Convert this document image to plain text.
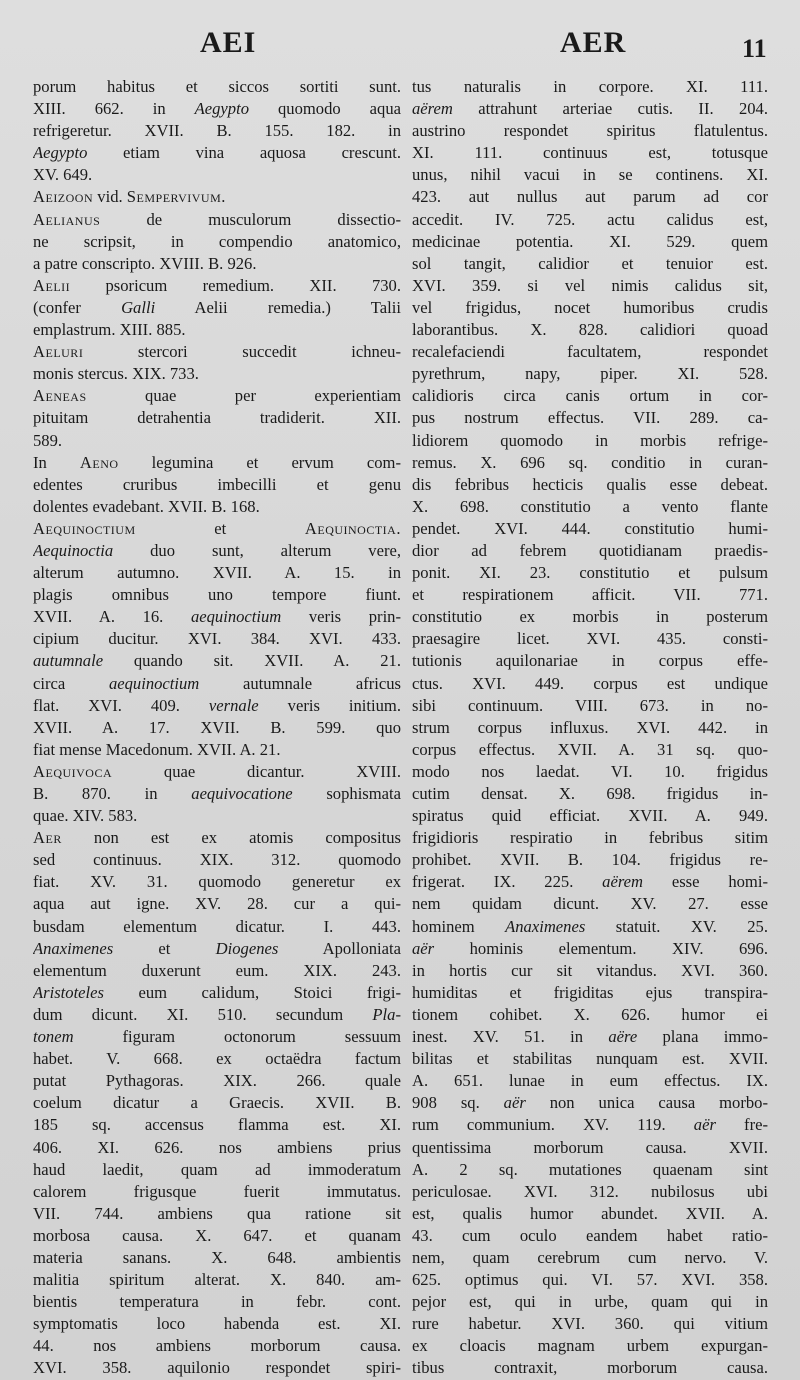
AEI	AER	11
porum habitus et siccos sortiti sunt.
XIII. 662. in Aegypto quomodo aqua
refrigeretur. XVII. B. 155. 182. in
Aegypto etiam vina aquosa crescunt.
XV. 649.
Aeizoon vid. Sempervivum.
Aelianus de musculorum dissectio-
ne scripsit, in compendio anatomico,
a patre conscripto. XVIII. B. 926.
Aelii psoricum remedium. XII. 730.
(confer Galli Aelii remedia.) Talii
emplastrum. XIII. 885.
Aeluri stercori succedit ichneu-
monis stercus. XIX. 733.
Aeneas quae per experientiam
pituitam detrahentia tradiderit. XII.
589.
In Aeno legumina et ervum com-
edentes cruribus imbecilli et genu
dolentes evadebant. XVII. B. 168.
Aequinoctium et Aequinoctia.
Aequinoctia duo sunt, alterum vere,
alterum autumno. XVII. A. 15. in
plagis omnibus uno tempore fiunt.
XVII. A. 16. aequinoctium veris prin-
cipium ducitur. XVI. 384. XVI. 433.
autumnale quando sit. XVII. A. 21.
circa aequinoctium autumnale africus
flat. XVI. 409. vernale veris initium.
XVII. A. 17. XVII. B. 599. quo
fiat mense Macedonum. XVII. A. 21.
Aequivoca quae dicantur. XVIII.
B. 870. in aequivocatione sophismata
quae. XIV. 583.
Aer non est ex atomis compositus
sed continuus. XIX. 312. quomodo
fiat. XV. 31. quomodo generetur ex
aqua aut igne. XV. 28. cur a qui-
busdam elementum dicatur. I. 443.
Anaximenes et Diogenes Apolloniata
elementum duxerunt eum. XIX. 243.
Aristoteles eum calidum, Stoici frigi-
dum dicunt. XI. 510. secundum Pla-
tonem figuram octonorum sessuum
habet. V. 668. ex octaëdra factum
putat Pythagoras. XIX. 266. quale
coelum dicatur a Graecis. XVII. B.
185 sq. accensus flamma est. XI.
406. XI. 626. nos ambiens prius
haud laedit, quam ad immoderatum
calorem frigusque fuerit immutatus.
VII. 744. ambiens qua ratione sit
morbosa causa. X. 647. et quanam
materia sanans. X. 648. ambientis
malitia spiritum alterat. X. 840. am-
bientis temperatura in febr. cont.
symptomatis loco habenda est. XI.
44. nos ambiens morborum causa.
XVI. 358. aquilonio respondet spiri-
tus naturalis in corpore. XI. 111.
aërem attrahunt arteriae cutis. II. 204.
austrino respondet spiritus flatulentus.
XI. 111. continuus est, totusque
unus, nihil vacui in se continens. XI.
423. aut nullus aut parum ad cor
accedit. IV. 725. actu calidus est,
medicinae potentia. XI. 529. quem
sol tangit, calidior et tenuior est.
XVI. 359. si vel nimis calidus sit,
vel frigidus, nocet humoribus crudis
laborantibus. X. 828. calidiori quoad
recalefaciendi facultatem, respondet
pyrethrum, napy, piper. XI. 528.
calidioris circa canis ortum in cor-
pus nostrum effectus. VII. 289. ca-
lidiorem quomodo in morbis refrige-
remus. X. 696 sq. conditio in curan-
dis febribus hecticis qualis esse debeat.
X. 698. constitutio a vento flante
pendet. XVI. 444. constitutio humi-
dior ad febrem quotidianam praedis-
ponit. XI. 23. constitutio et pulsum
et respirationem afficit. VII. 771.
constitutio ex morbis in posterum
praesagire licet. XVI. 435. consti-
tutionis aquilonariae in corpus effe-
ctus. XVI. 449. corpus est undique
sibi continuum. VIII. 673. in no-
strum corpus influxus. XVI. 442. in
corpus effectus. XVII. A. 31 sq. quo-
modo nos laedat. VI. 10. frigidus
cutim densat. X. 698. frigidus in-
spiratus quid efficiat. XVII. A. 949.
frigidioris respiratio in febribus sitim
prohibet. XVII. B. 104. frigidus re-
frigerat. IX. 225. aërem esse homi-
nem quidam dicunt. XV. 27. esse
hominem Anaximenes statuit. XV. 25.
aër hominis elementum. XIV. 696.
in hortis cur sit vitandus. XVI. 360.
humiditas et frigiditas ejus transpira-
tionem cohibet. X. 626. humor ei
inest. XV. 51. in aëre plana immo-
bilitas et stabilitas nunquam est. XVII.
A. 651. lunae in eum effectus. IX.
908 sq. aër non unica causa morbo-
rum communium. XV. 119. aër fre-
quentissima morborum causa. XVII.
A. 2 sq. mutationes quaenam sint
periculosae. XVI. 312. nubilosus ubi
est, qualis humor abundet. XVII. A.
43. cum oculo eandem habet ratio-
nem, quam cerebrum cum nervo. V.
625. optimus qui. VI. 57. XVI. 358.
pejor est, qui in urbe, quam qui in
rure habetur. XVI. 360. qui vitium
ex cloacis magnam urbem expurgan-
tibus contraxit, morborum causa.
